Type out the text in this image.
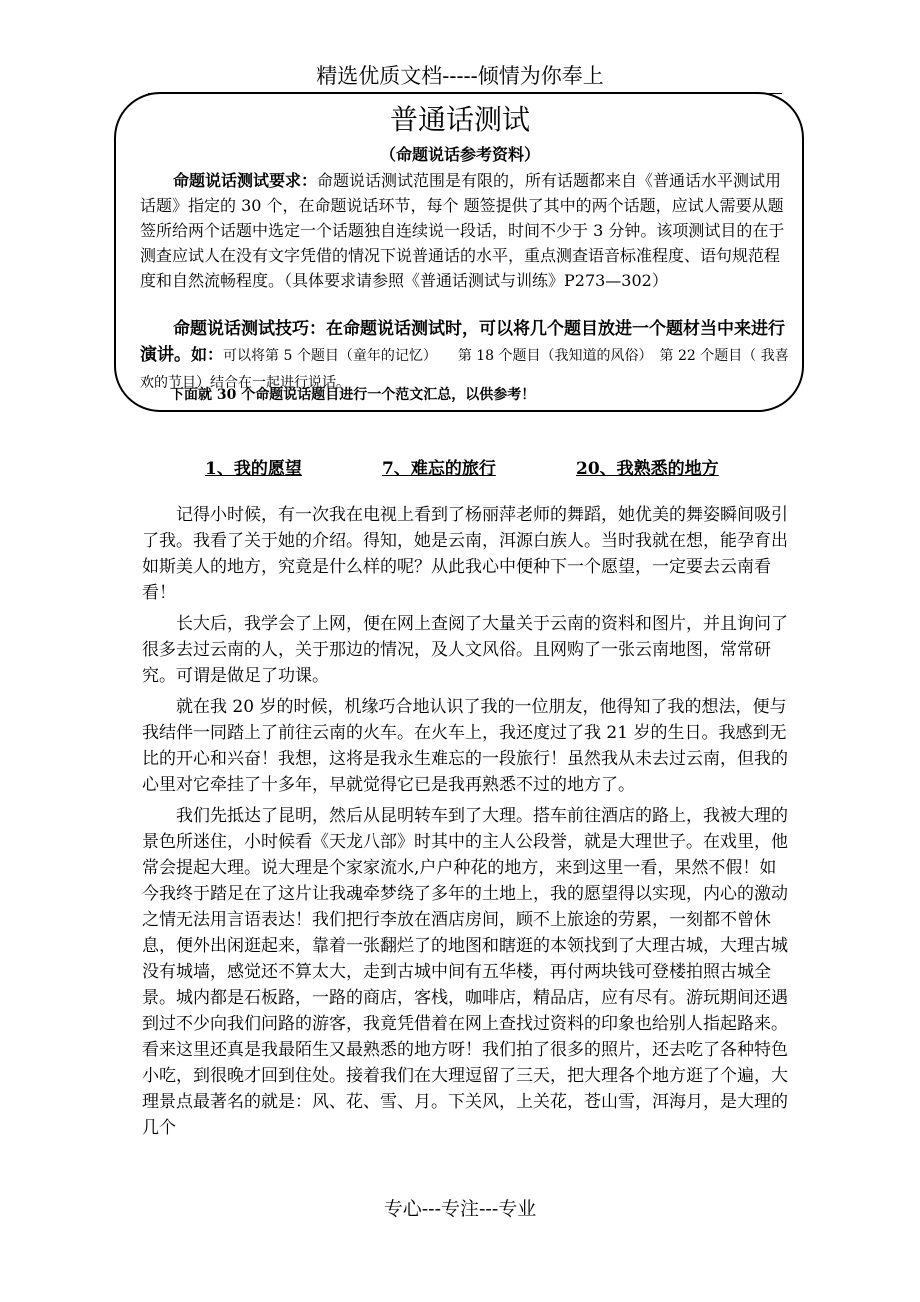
精选优质文档-----倾情为你奉上
普通话测试
（命题说话参考资料）
命题说话测试要求：命题说话测试范围是有限的，所有话题都来自《普通话水平测试用话题》指定的 30 个，在命题说话环节，每个 题签提供了其中的两个话题，应试人需要从题签所给两个话题中选定一个话题独自连续说一段话，时间不少于 3 分钟。该项测试目的在于测查应试人在没有文字凭借的情况下说普通话的水平，重点测查语音标准程度、语句规范程度和自然流畅程度。（具体要求请参照《普通话测试与训练》P273—302）
命题说话测试技巧：在命题说话测试时，可以将几个题目放进一个题材当中来进行演讲。如：可以将第 5 个题目（童年的记忆）　　第 18 个题目（我知道的风俗）　第 22 个题目（ 我喜欢的节目）结合在一起进行说话。
下面就 30 个命题说话题目进行一个范文汇总，以供参考！
1、我的愿望	7、难忘的旅行	20、我熟悉的地方

记得小时候，有一次我在电视上看到了杨丽萍老师的舞蹈，她优美的舞姿瞬间吸引了我。我看了关于她的介绍。得知，她是云南，洱源白族人。当时我就在想，能孕育出如斯美人的地方，究竟是什么样的呢？从此我心中便种下一个愿望，一定要去云南看看！

长大后，我学会了上网，便在网上查阅了大量关于云南的资料和图片，并且询问了很多去过云南的人，关于那边的情况，及人文风俗。且网购了一张云南地图，常常研究。可谓是做足了功课。

就在我 20 岁的时候，机缘巧合地认识了我的一位朋友，他得知了我的想法，便与我结伴一同踏上了前往云南的火车。在火车上，我还度过了我 21 岁的生日。我感到无比的开心和兴奋！我想，这将是我永生难忘的一段旅行！虽然我从未去过云南，但我的心里对它牵挂了十多年，早就觉得它已是我再熟悉不过的地方了。

我们先抵达了昆明，然后从昆明转车到了大理。搭车前往酒店的路上，我被大理的景色所迷住，小时候看《天龙八部》时其中的主人公段誉，就是大理世子。在戏里，他常会提起大理。说大理是个家家流水,户户种花的地方，来到这里一看，果然不假！如今我终于踏足在了这片让我魂牵梦绕了多年的土地上，我的愿望得以实现，内心的激动之情无法用言语表达！我们把行李放在酒店房间，顾不上旅途的劳累，一刻都不曾休息，便外出闲逛起来，靠着一张翻烂了的地图和瞎逛的本领找到了大理古城，大理古城没有城墙，感觉还不算太大，走到古城中间有五华楼，再付两块钱可登楼拍照古城全景。城内都是石板路，一路的商店，客栈，咖啡店，精品店，应有尽有。游玩期间还遇到过不少向我们问路的游客，我竟凭借着在网上查找过资料的印象也给别人指起路来。看来这里还真是我最陌生又最熟悉的地方呀！我们拍了很多的照片，还去吃了各种特色小吃，到很晚才回到住处。接着我们在大理逗留了三天，把大理各个地方逛了个遍，大理景点最著名的就是：风、花、雪、月。下关风，上关花，苍山雪，洱海月，是大理的几个

专心---专注---专业
